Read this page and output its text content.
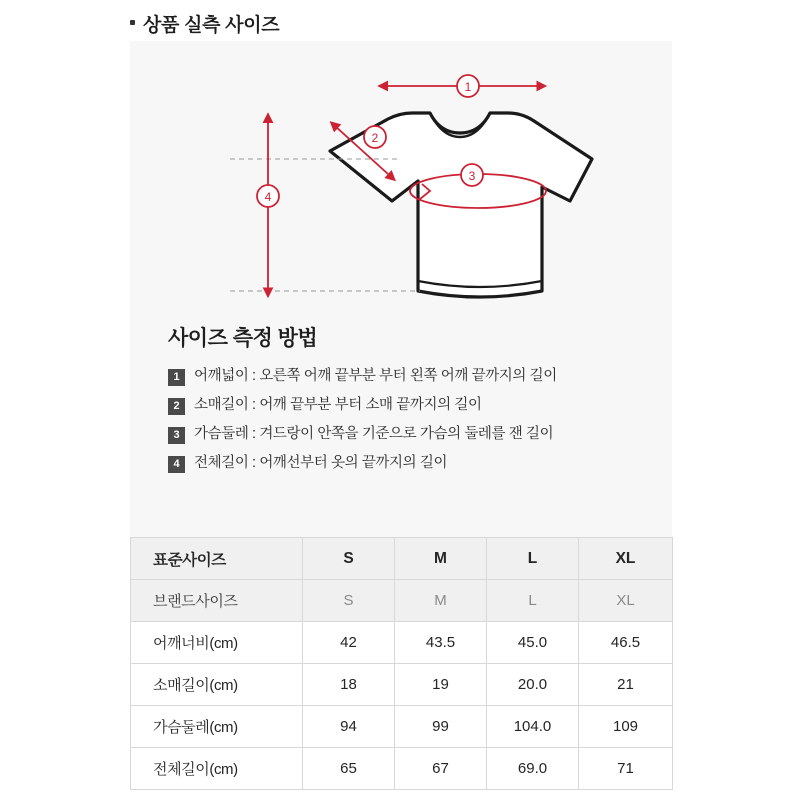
상품 실측 사이즈
1
2
3
4
사이즈 측정 방법
1 어깨넓이 : 오른쪽 어깨 끝부분 부터 왼쪽 어깨 끝까지의 길이
2 소매길이 : 어깨 끝부분 부터 소매 끝까지의 길이
3 가슴둘레 : 겨드랑이 안쪽을 기준으로 가슴의 둘레를 잰 길이
4 전체길이 : 어깨선부터 옷의 끝까지의 길이
표준사이즈	S	M	L	XL
브랜드사이즈	S	M	L	XL
어깨너비(cm)	42	43.5	45.0	46.5
소매길이(cm)	18	19	20.0	21
가슴둘레(cm)	94	99	104.0	109
전체길이(cm)	65	67	69.0	71
